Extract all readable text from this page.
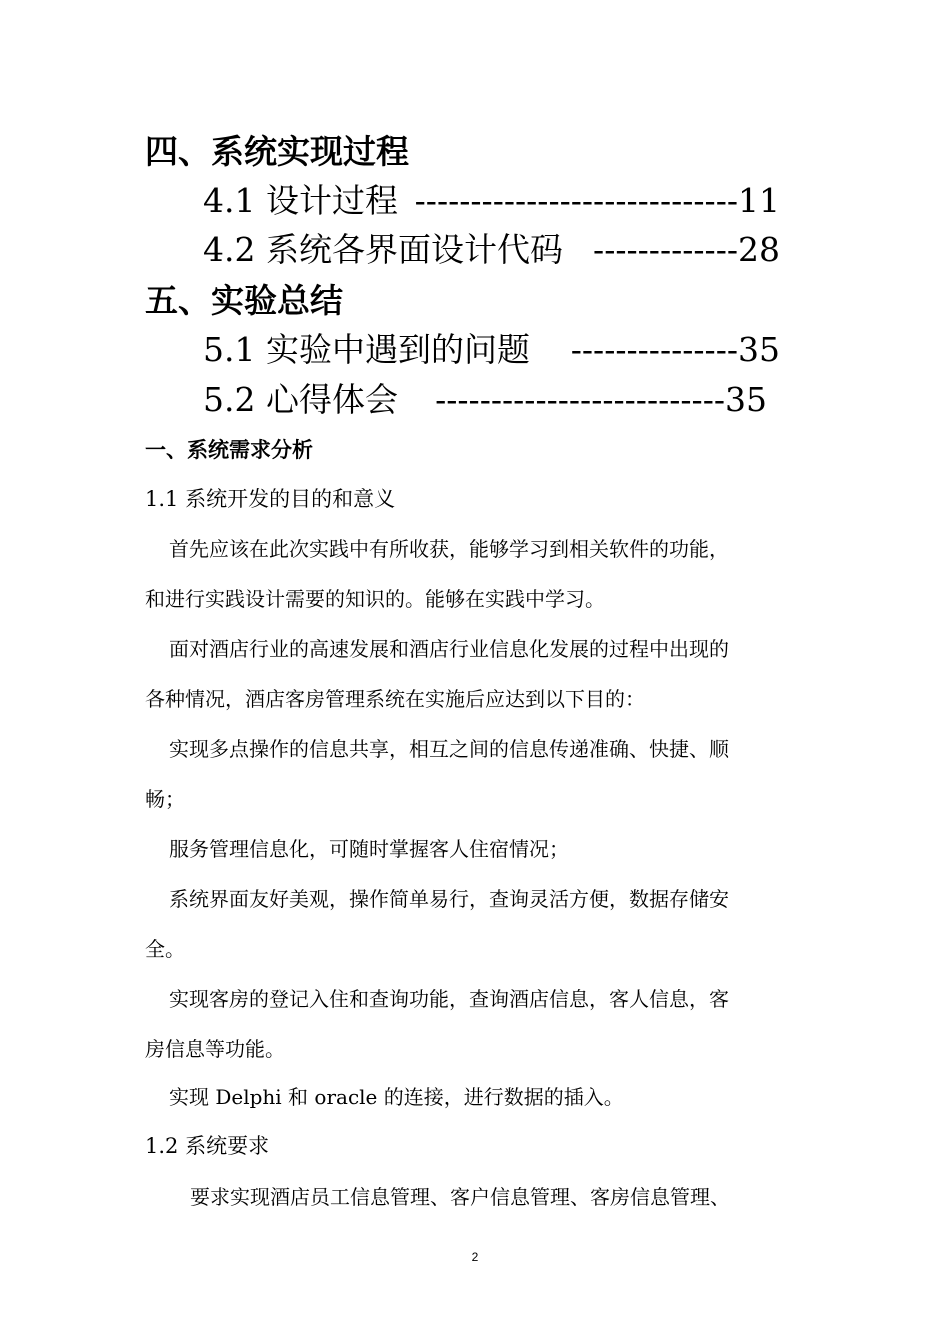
四、系统实现过程
4.1 设计过程 -----------------------------11
4.2 系统各界面设计代码 -------------28
五、实验总结
5.1 实验中遇到的问题 ---------------35
5.2 心得体会 --------------------------35
一、系统需求分析
1.1 系统开发的目的和意义
首先应该在此次实践中有所收获，能够学习到相关软件的功能，
和进行实践设计需要的知识的。能够在实践中学习。
面对酒店行业的高速发展和酒店行业信息化发展的过程中出现的
各种情况，酒店客房管理系统在实施后应达到以下目的：
实现多点操作的信息共享，相互之间的信息传递准确、快捷、顺
畅；
服务管理信息化，可随时掌握客人住宿情况；
系统界面友好美观，操作简单易行，查询灵活方便，数据存储安
全。
实现客房的登记入住和查询功能，查询酒店信息，客人信息，客
房信息等功能。
实现 Delphi 和 oracle 的连接，进行数据的插入。
1.2 系统要求
要求实现酒店员工信息管理、客户信息管理、客房信息管理、
2
